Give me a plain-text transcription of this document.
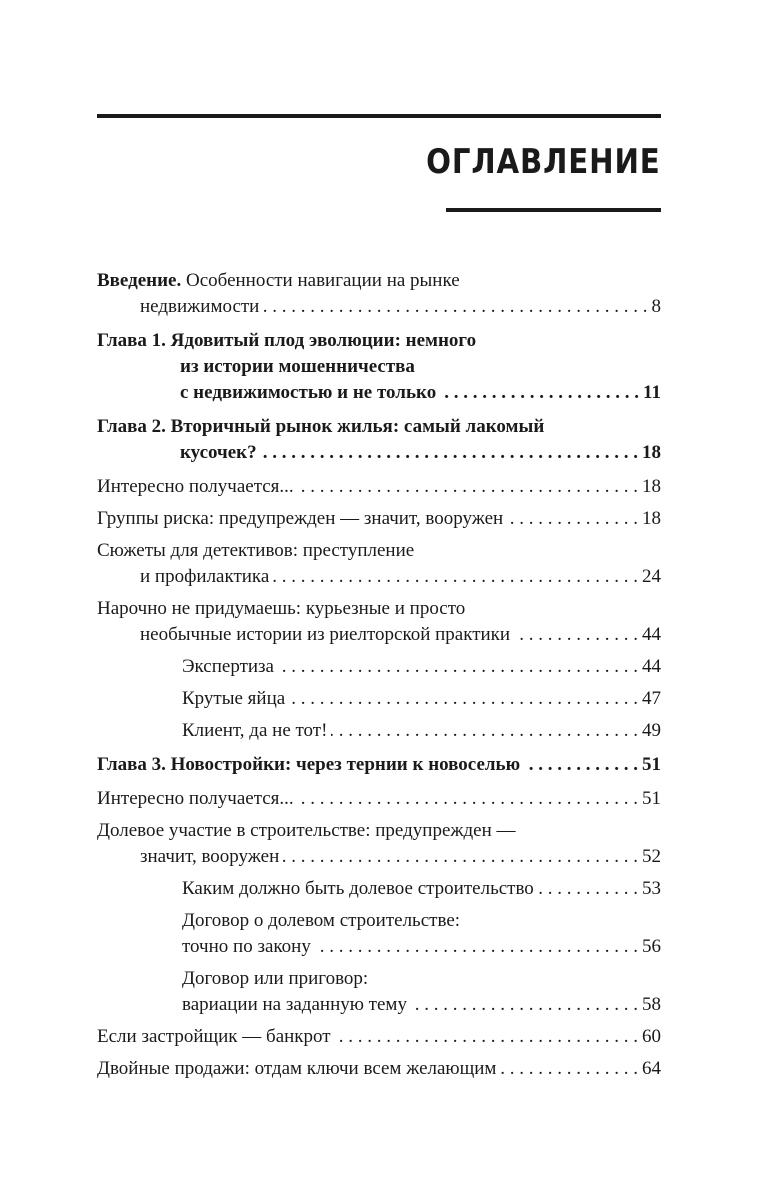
ОГЛАВЛЕНИЕ
Введение. Особенности навигации на рынке
недвижимости . . .	8
Глава 1. Ядовитый плод эволюции: немного
из истории мошенничества
с недвижимостью и не только . . .	11
Глава 2. Вторичный рынок жилья: самый лакомый
кусочек? . . .	18
Интересно получается... . . .	18
Группы риска: предупрежден — значит, вооружен . . .	18
Сюжеты для детективов: преступление
и профилактика . . .	24
Нарочно не придумаешь: курьезные и просто
необычные истории из риелторской практики . . .	44
Экспертиза . . .	44
Крутые яйца . . .	47
Клиент, да не тот! . . .	49
Глава 3. Новостройки: через тернии к новоселью . . .	51
Интересно получается... . . .	51
Долевое участие в строительстве: предупрежден —
значит, вооружен . . .	52
Каким должно быть долевое строительство . . .	53
Договор о долевом строительстве:
точно по закону . . .	56
Договор или приговор:
вариации на заданную тему . . .	58
Если застройщик — банкрот . . .	60
Двойные продажи: отдам ключи всем желающим . . .	64
